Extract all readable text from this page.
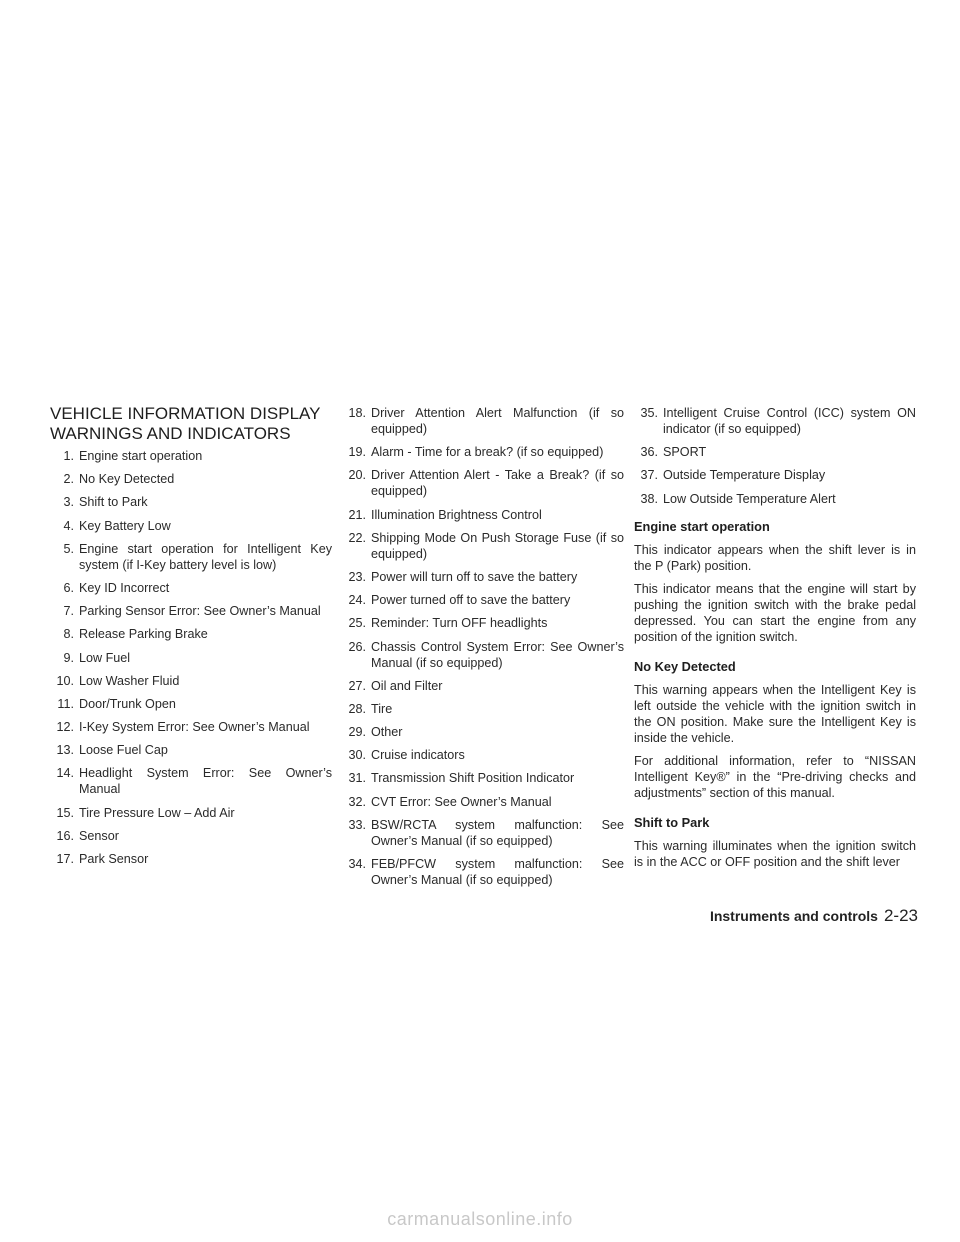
VEHICLE INFORMATION DISPLAY
WARNINGS AND INDICATORS
1. Engine start operation
2. No Key Detected
3. Shift to Park
4. Key Battery Low
5. Engine start operation for Intelligent Key system (if I-Key battery level is low)
6. Key ID Incorrect
7. Parking Sensor Error: See Owner’s Manual
8. Release Parking Brake
9. Low Fuel
10. Low Washer Fluid
11. Door/Trunk Open
12. I-Key System Error: See Owner’s Manual
13. Loose Fuel Cap
14. Headlight System Error: See Owner’s Manual
15. Tire Pressure Low – Add Air
16. Sensor
17. Park Sensor
18. Driver Attention Alert Malfunction (if so equipped)
19. Alarm - Time for a break? (if so equipped)
20. Driver Attention Alert - Take a Break? (if so equipped)
21. Illumination Brightness Control
22. Shipping Mode On Push Storage Fuse (if so equipped)
23. Power will turn off to save the battery
24. Power turned off to save the battery
25. Reminder: Turn OFF headlights
26. Chassis Control System Error: See Owner’s Manual (if so equipped)
27. Oil and Filter
28. Tire
29. Other
30. Cruise indicators
31. Transmission Shift Position Indicator
32. CVT Error: See Owner’s Manual
33. BSW/RCTA system malfunction: See Owner’s Manual (if so equipped)
34. FEB/PFCW system malfunction: See Owner’s Manual (if so equipped)
35. Intelligent Cruise Control (ICC) system ON indicator (if so equipped)
36. SPORT
37. Outside Temperature Display
38. Low Outside Temperature Alert
Engine start operation

This indicator appears when the shift lever is in the P (Park) position.

This indicator means that the engine will start by pushing the ignition switch with the brake pedal depressed. You can start the engine from any position of the ignition switch.

No Key Detected

This warning appears when the Intelligent Key is left outside the vehicle with the ignition switch in the ON position. Make sure the Intelligent Key is inside the vehicle.

For additional information, refer to “NISSAN Intelligent Key®” in the “Pre-driving checks and adjustments” section of this manual.

Shift to Park

This warning illuminates when the ignition switch is in the ACC or OFF position and the shift lever

Instruments and controls 2-23
carmanualsonline.info
